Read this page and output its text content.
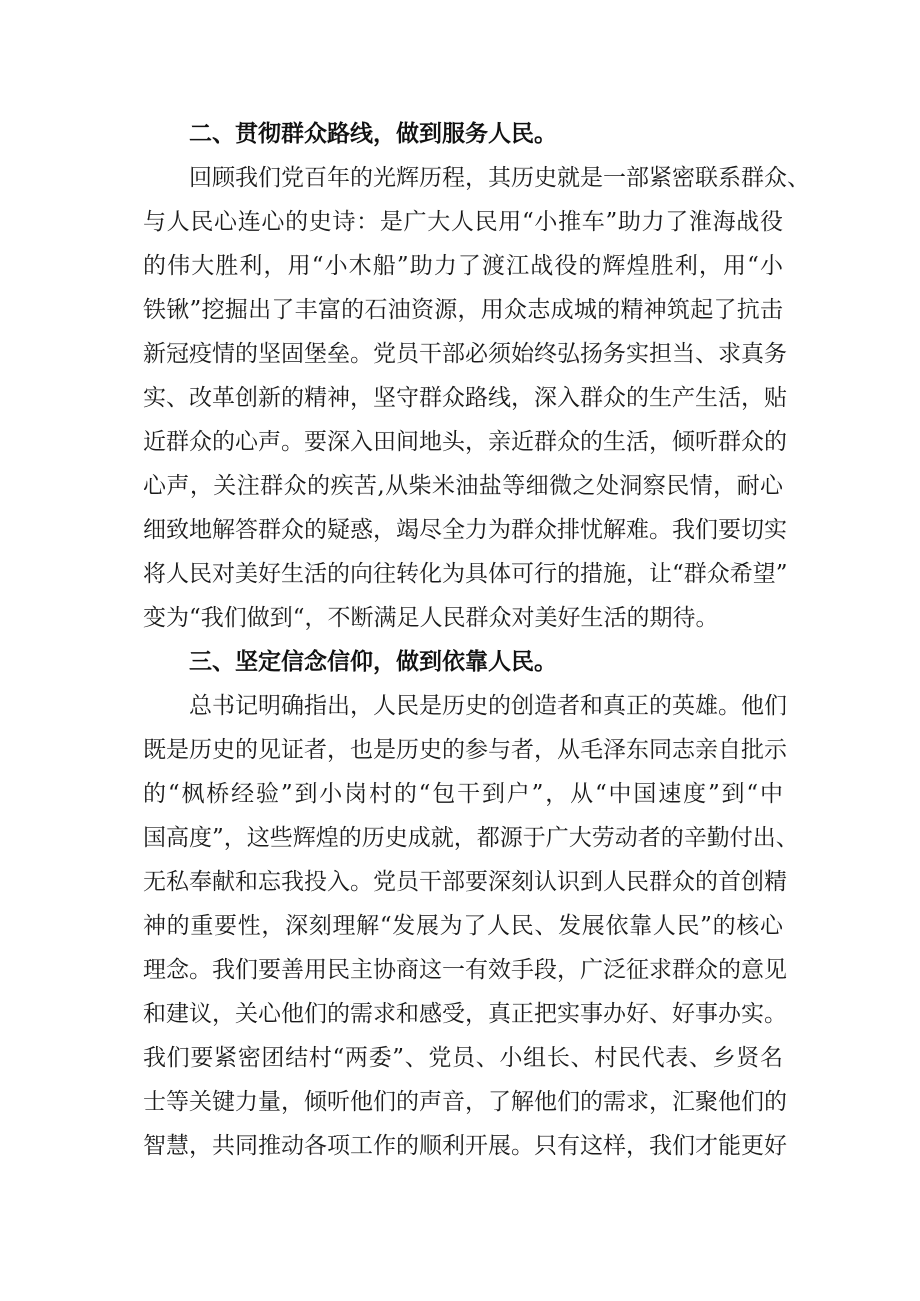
二、贯彻群众路线，做到服务人民。
回顾我们党百年的光辉历程，其历史就是一部紧密联系群众、
与人民心连心的史诗：是广大人民用“小推车”助力了淮海战役
的伟大胜利，用“小木船”助力了渡江战役的辉煌胜利，用“小
铁锹”挖掘出了丰富的石油资源，用众志成城的精神筑起了抗击
新冠疫情的坚固堡垒。党员干部必须始终弘扬务实担当、求真务
实、改革创新的精神，坚守群众路线，深入群众的生产生活，贴
近群众的心声。要深入田间地头，亲近群众的生活，倾听群众的
心声，关注群众的疾苦,从柴米油盐等细微之处洞察民情，耐心
细致地解答群众的疑惑，竭尽全力为群众排忧解难。我们要切实
将人民对美好生活的向往转化为具体可行的措施，让“群众希望”
变为“我们做到“，不断满足人民群众对美好生活的期待。
三、坚定信念信仰，做到依靠人民。
总书记明确指出，人民是历史的创造者和真正的英雄。他们
既是历史的见证者，也是历史的参与者，从毛泽东同志亲自批示
的“枫桥经验”到小岗村的“包干到户”，从“中国速度”到“中
国高度”，这些辉煌的历史成就，都源于广大劳动者的辛勤付出、
无私奉献和忘我投入。党员干部要深刻认识到人民群众的首创精
神的重要性，深刻理解“发展为了人民、发展依靠人民”的核心
理念。我们要善用民主协商这一有效手段，广泛征求群众的意见
和建议，关心他们的需求和感受，真正把实事办好、好事办实。
我们要紧密团结村“两委”、党员、小组长、村民代表、乡贤名
士等关键力量，倾听他们的声音，了解他们的需求，汇聚他们的
智慧，共同推动各项工作的顺利开展。只有这样，我们才能更好
